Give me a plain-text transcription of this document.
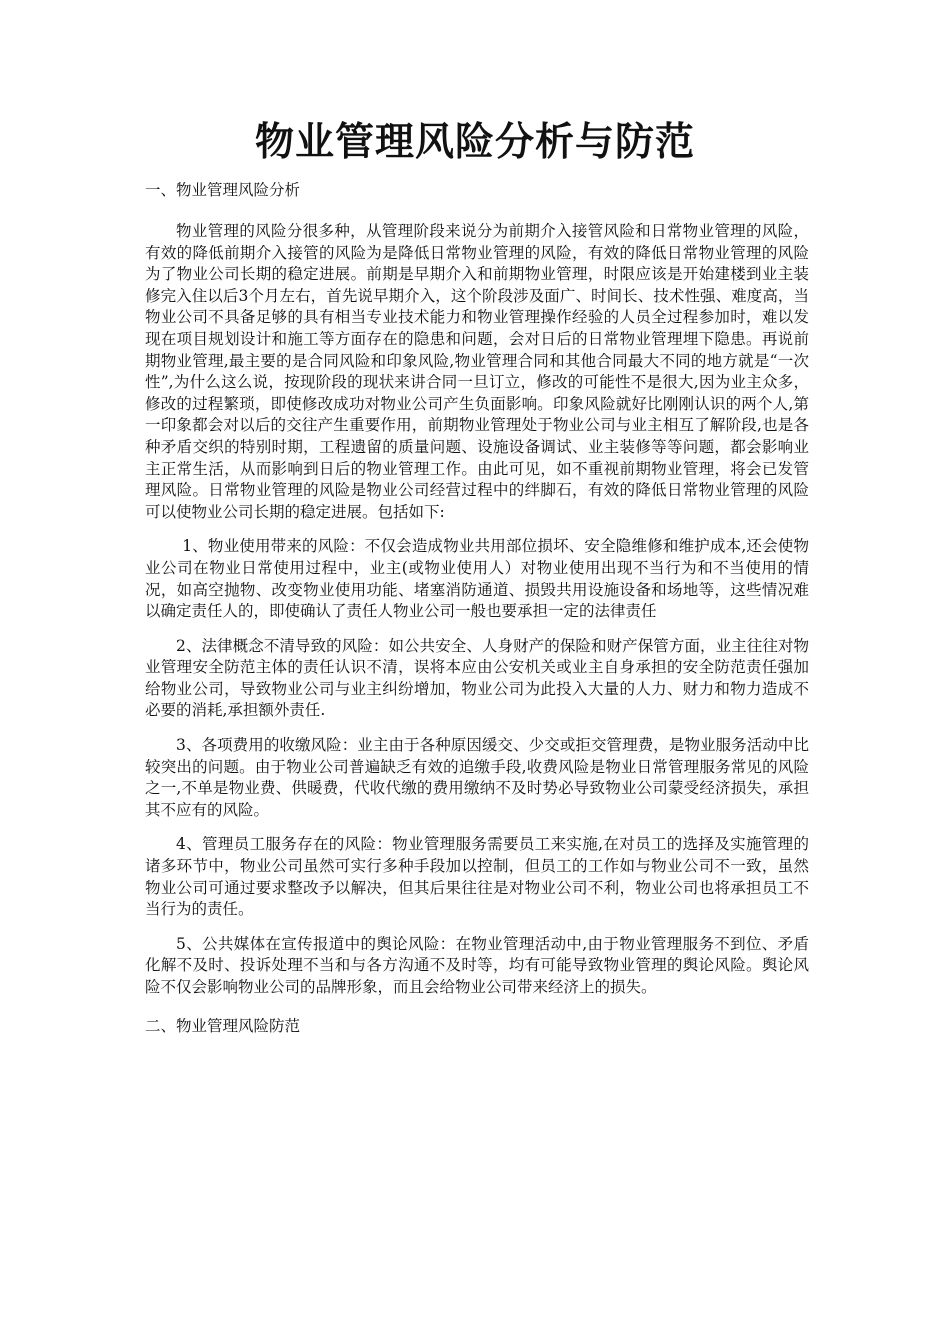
物业管理风险分析与防范

一、物业管理风险分析

物业管理的风险分很多种，从管理阶段来说分为前期介入接管风险和日常物业管理的风险，有效的降低前期介入接管的风险为是降低日常物业管理的风险，有效的降低日常物业管理的风险为了物业公司长期的稳定进展。前期是早期介入和前期物业管理，时限应该是开始建楼到业主装修完入住以后3个月左右，首先说早期介入，这个阶段涉及面广、时间长、技术性强、难度高，当物业公司不具备足够的具有相当专业技术能力和物业管理操作经验的人员全过程参加时，难以发现在项目规划设计和施工等方面存在的隐患和问题，会对日后的日常物业管理埋下隐患。再说前期物业管理,最主要的是合同风险和印象风险,物业管理合同和其他合同最大不同的地方就是“一次性”,为什么这么说，按现阶段的现状来讲合同一旦订立，修改的可能性不是很大,因为业主众多，修改的过程繁琐，即使修改成功对物业公司产生负面影响。印象风险就好比刚刚认识的两个人,第一印象都会对以后的交往产生重要作用，前期物业管理处于物业公司与业主相互了解阶段,也是各种矛盾交织的特别时期，工程遗留的质量问题、设施设备调试、业主装修等等问题，都会影响业主正常生活，从而影响到日后的物业管理工作。由此可见，如不重视前期物业管理，将会已发管理风险。日常物业管理的风险是物业公司经营过程中的绊脚石，有效的降低日常物业管理的风险可以使物业公司长期的稳定进展。包括如下:

1、物业使用带来的风险：不仅会造成物业共用部位损坏、安全隐维修和维护成本,还会使物业公司在物业日常使用过程中，业主(或物业使用人）对物业使用出现不当行为和不当使用的情况，如高空抛物、改变物业使用功能、堵塞消防通道、损毁共用设施设备和场地等，这些情况难以确定责任人的，即使确认了责任人物业公司一般也要承担一定的法律责任

2、法律概念不清导致的风险：如公共安全、人身财产的保险和财产保管方面，业主往往对物业管理安全防范主体的责任认识不清，误将本应由公安机关或业主自身承担的安全防范责任强加给物业公司，导致物业公司与业主纠纷增加，物业公司为此投入大量的人力、财力和物力造成不必要的消耗,承担额外责任.

3、各项费用的收缴风险：业主由于各种原因缓交、少交或拒交管理费，是物业服务活动中比较突出的问题。由于物业公司普遍缺乏有效的追缴手段,收费风险是物业日常管理服务常见的风险之一,不单是物业费、供暖费，代收代缴的费用缴纳不及时势必导致物业公司蒙受经济损失，承担其不应有的风险。

4、管理员工服务存在的风险：物业管理服务需要员工来实施,在对员工的选择及实施管理的诸多环节中，物业公司虽然可实行多种手段加以控制，但员工的工作如与物业公司不一致，虽然物业公司可通过要求整改予以解决，但其后果往往是对物业公司不利，物业公司也将承担员工不当行为的责任。

5、公共媒体在宣传报道中的舆论风险：在物业管理活动中,由于物业管理服务不到位、矛盾化解不及时、投诉处理不当和与各方沟通不及时等，均有可能导致物业管理的舆论风险。舆论风险不仅会影响物业公司的品牌形象，而且会给物业公司带来经济上的损失。

二、物业管理风险防范
